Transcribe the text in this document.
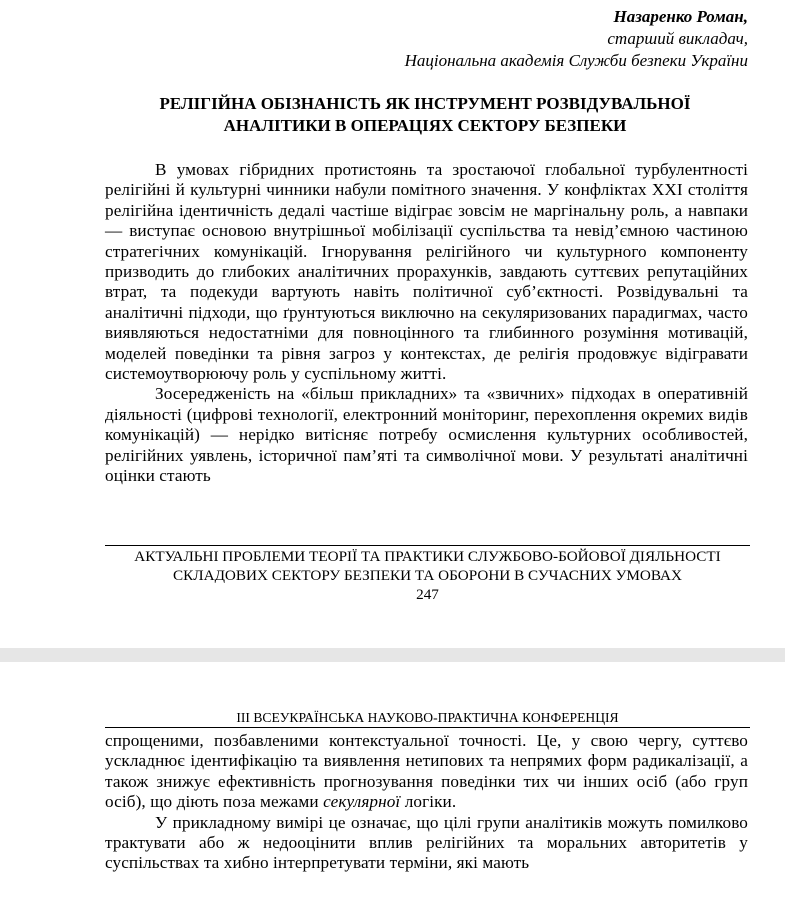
Назаренко Роман,
старший викладач,
Національна академія Служби безпеки України
РЕЛІГІЙНА ОБІЗНАНІСТЬ ЯК ІНСТРУМЕНТ РОЗВІДУВАЛЬНОЇ
АНАЛІТИКИ В ОПЕРАЦІЯХ СЕКТОРУ БЕЗПЕКИ

В умовах гібридних протистоянь та зростаючої глобальної турбулентності релігійні й культурні чинники набули помітного значення. У конфліктах XXI століття релігійна ідентичність дедалі частіше відіграє зовсім не маргінальну роль, а навпаки — виступає основою внутрішньої мобілізації суспільства та невід’ємною частиною стратегічних комунікацій. Ігнорування релігійного чи культурного компоненту призводить до глибоких аналітичних прорахунків, завдають суттєвих репутаційних втрат, та подекуди вартують навіть політичної суб’єктності. Розвідувальні та аналітичні підходи, що ґрунтуються виключно на секуляризованих парадигмах, часто виявляються недостатніми для повноцінного та глибинного розуміння мотивацій, моделей поведінки та рівня загроз у контекстах, де релігія продовжує відігравати системоутворюючу роль у суспільному житті.

Зосередженість на «більш прикладних» та «звичних» підходах в оперативній діяльності (цифрові технології, електронний моніторинг, перехоплення окремих видів комунікацій) — нерідко витісняє потребу осмислення культурних особливостей, релігійних уявлень, історичної пам’яті та символічної мови. У результаті аналітичні оцінки стають

АКТУАЛЬНІ ПРОБЛЕМИ ТЕОРІЇ ТА ПРАКТИКИ СЛУЖБОВО-БОЙОВОЇ ДІЯЛЬНОСТІ
СКЛАДОВИХ СЕКТОРУ БЕЗПЕКИ ТА ОБОРОНИ В СУЧАСНИХ УМОВАХ
247
ІІІ ВСЕУКРАЇНСЬКА НАУКОВО-ПРАКТИЧНА КОНФЕРЕНЦІЯ

спрощеними, позбавленими контекстуальної точності. Це, у свою чергу, суттєво ускладнює ідентифікацію та виявлення нетипових та непрямих форм радикалізації, а також знижує ефективність прогнозування поведінки тих чи інших осіб (або груп осіб), що діють поза межами секулярної логіки.

У прикладному вимірі це означає, що цілі групи аналітиків можуть помилково трактувати або ж недооцінити вплив релігійних та моральних авторитетів у суспільствах та хибно інтерпретувати терміни, які мають
